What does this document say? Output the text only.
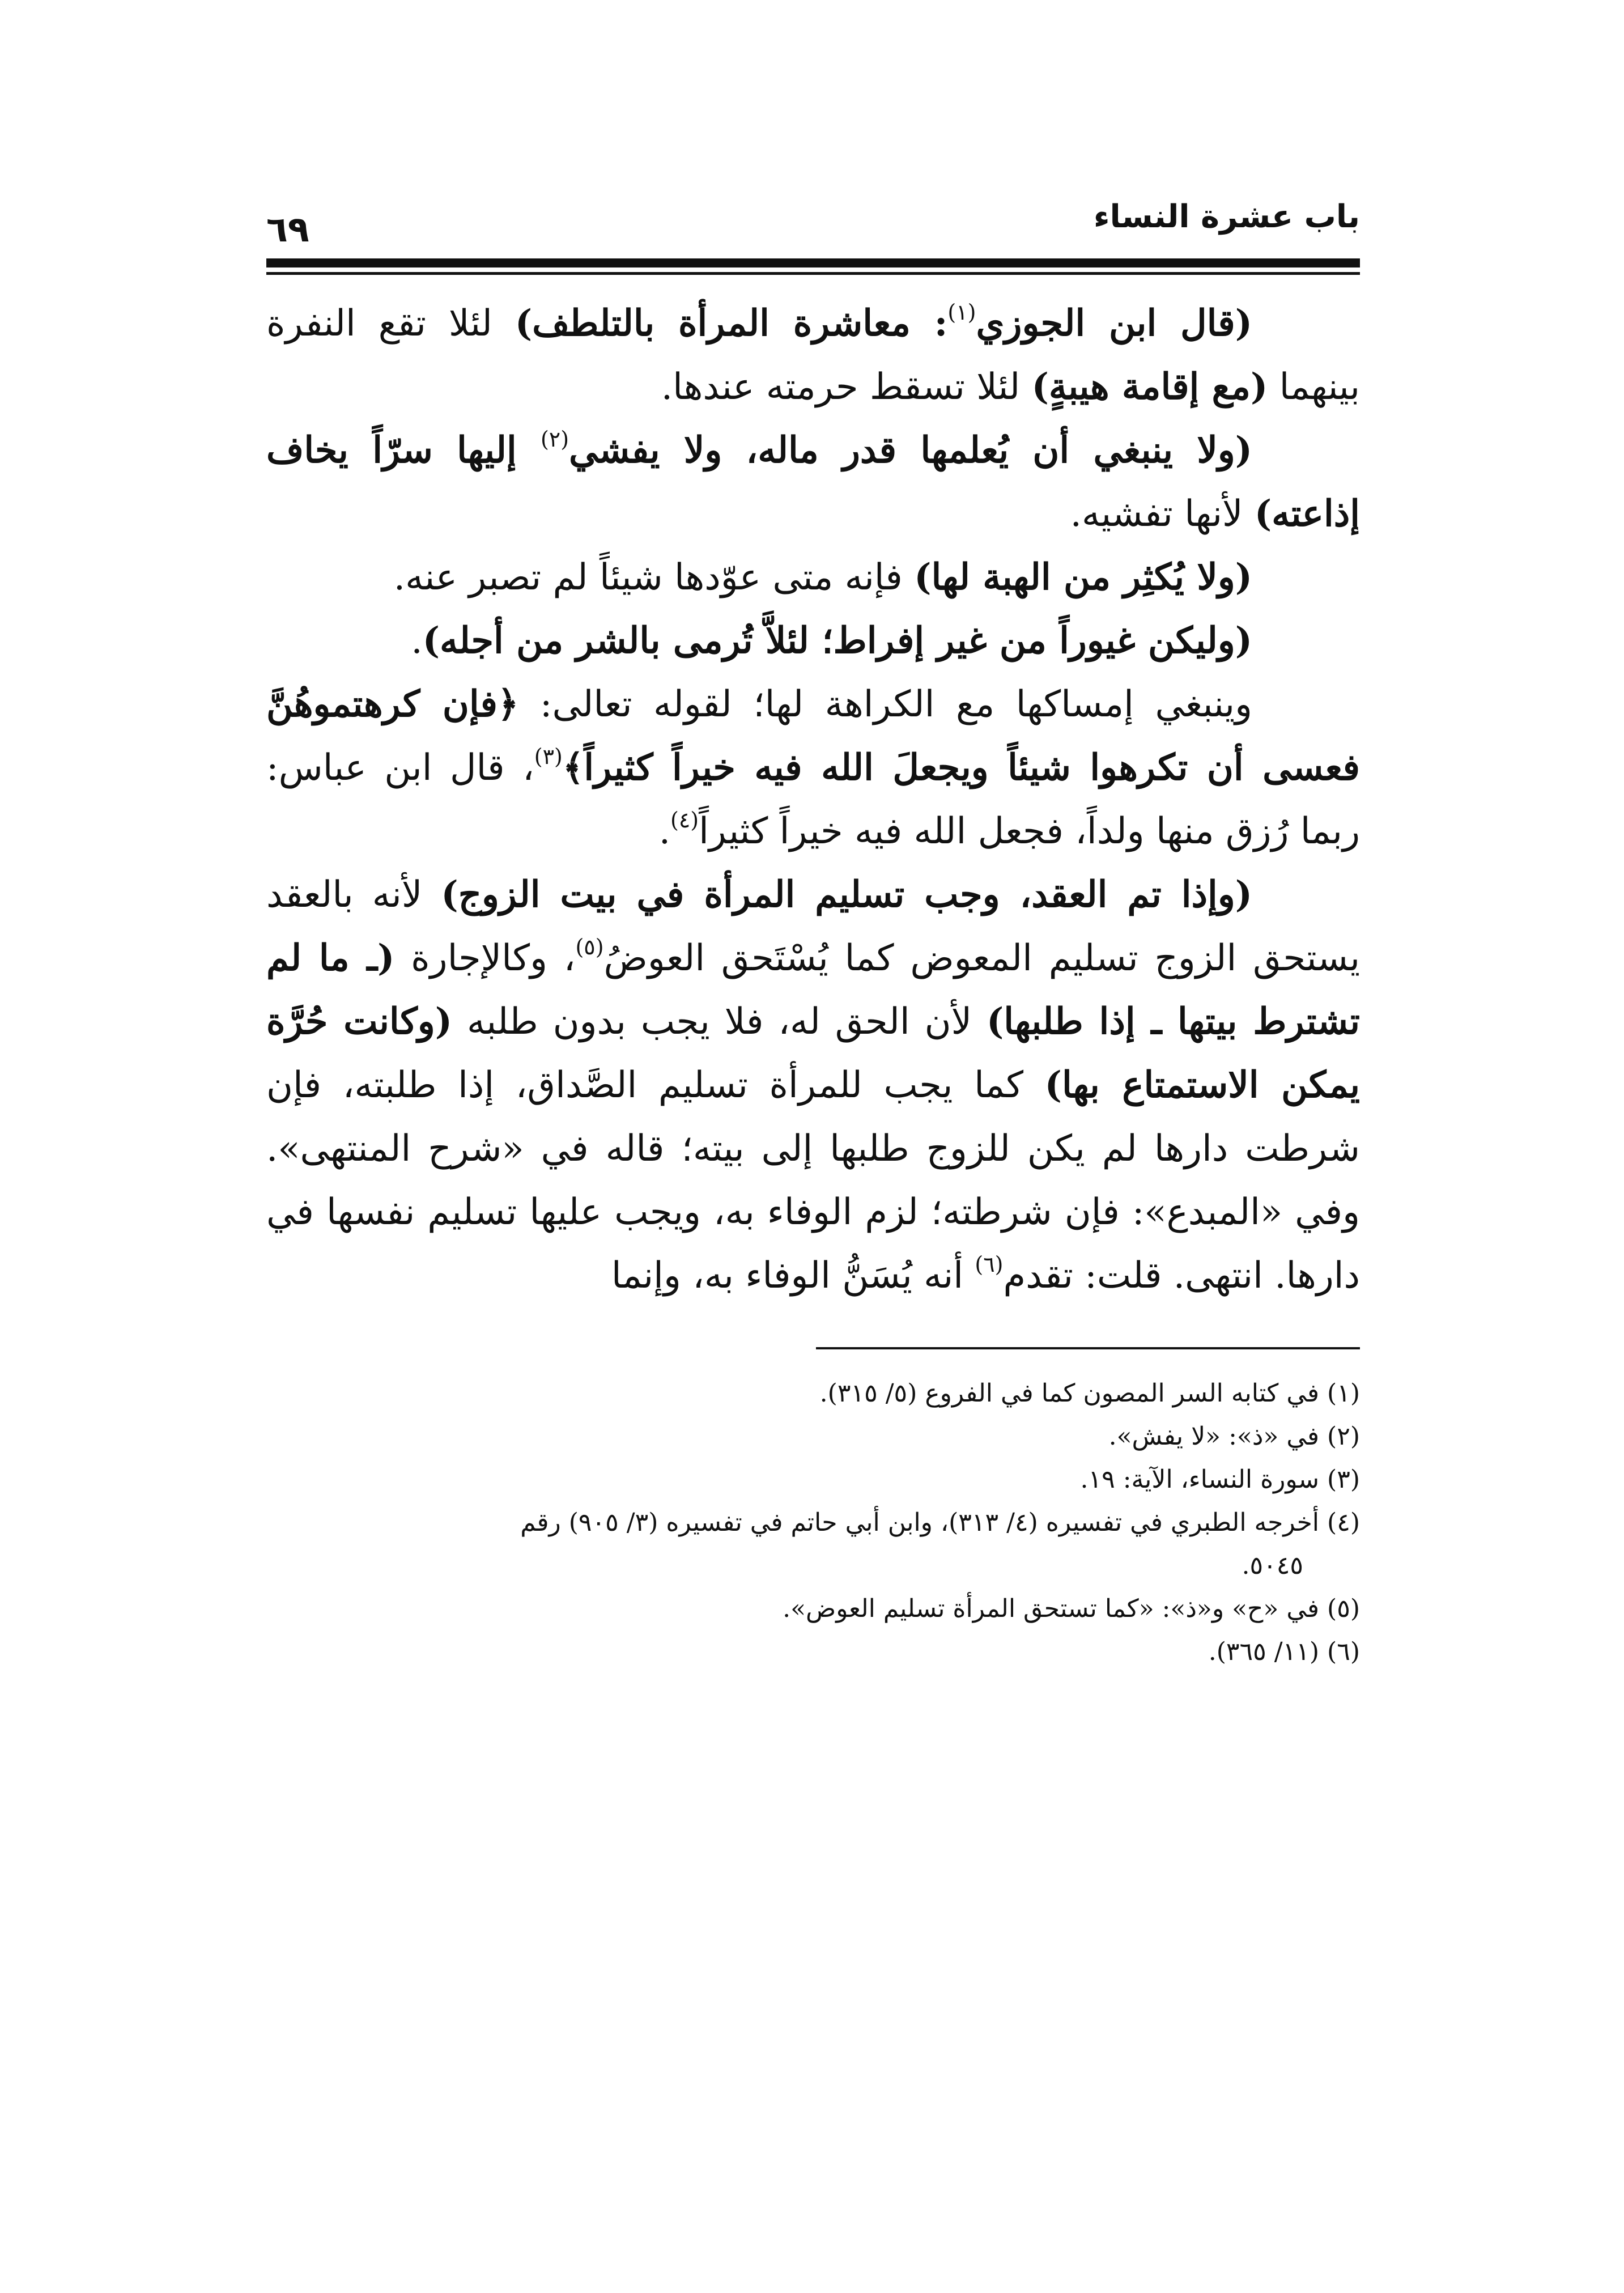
باب عشرة النساء
٦٩

(قال ابن الجوزي$^{(١)}$: معاشرة المرأة بالتلطف) لئلا تقع النفرة بينهما (مع إقامة هيبةٍ) لئلا تسقط حرمته عندها.

(ولا ينبغي أن يُعلمها قدر ماله، ولا يفشي$^{(٢)}$ إليها سرّاً يخاف إذاعته) لأنها تفشيه.

(ولا يُكثِر من الهبة لها) فإنه متى عوّدها شيئاً لم تصبر عنه.

(وليكن غيوراً من غير إفراط؛ لئلاَّ تُرمى بالشر من أجله).

وينبغي إمساكها مع الكراهة لها؛ لقوله تعالى: ﴿فإن كرهتموهُنَّ فعسى أن تكرهوا شيئاً ويجعلَ الله فيه خيراً كثيراً﴾$^{(٣)}$، قال ابن عباس: ربما رُزق منها ولداً، فجعل الله فيه خيراً كثيراً$^{(٤)}$.

(وإذا تم العقد، وجب تسليم المرأة في بيت الزوج) لأنه بالعقد يستحق الزوج تسليم المعوض كما يُسْتَحق العوضُ$^{(٥)}$، وكالإجارة (ـ ما لم تشترط بيتها ـ إذا طلبها) لأن الحق له، فلا يجب بدون طلبه (وكانت حُرَّة يمكن الاستمتاع بها) كما يجب للمرأة تسليم الصَّداق، إذا طلبته، فإن شرطت دارها لم يكن للزوج طلبها إلى بيته؛ قاله في «شرح المنتهى». وفي «المبدع»: فإن شرطته؛ لزم الوفاء به، ويجب عليها تسليم نفسها في دارها. انتهى. قلت: تقدم$^{(٦)}$ أنه يُسَنُّ الوفاء به، وإنما

(١) في كتابه السر المصون كما في الفروع (٥/ ٣١٥).

(٢) في «ذ»: «لا يفش».

(٣) سورة النساء، الآية: ١٩.

(٤) أخرجه الطبري في تفسيره (٤/ ٣١٣)، وابن أبي حاتم في تفسيره (٣/ ٩٠٥) رقم

٥٠٤٥.

(٥) في «ح» و«ذ»: «كما تستحق المرأة تسليم العوض».

(٦) (١١/ ٣٦٥).
